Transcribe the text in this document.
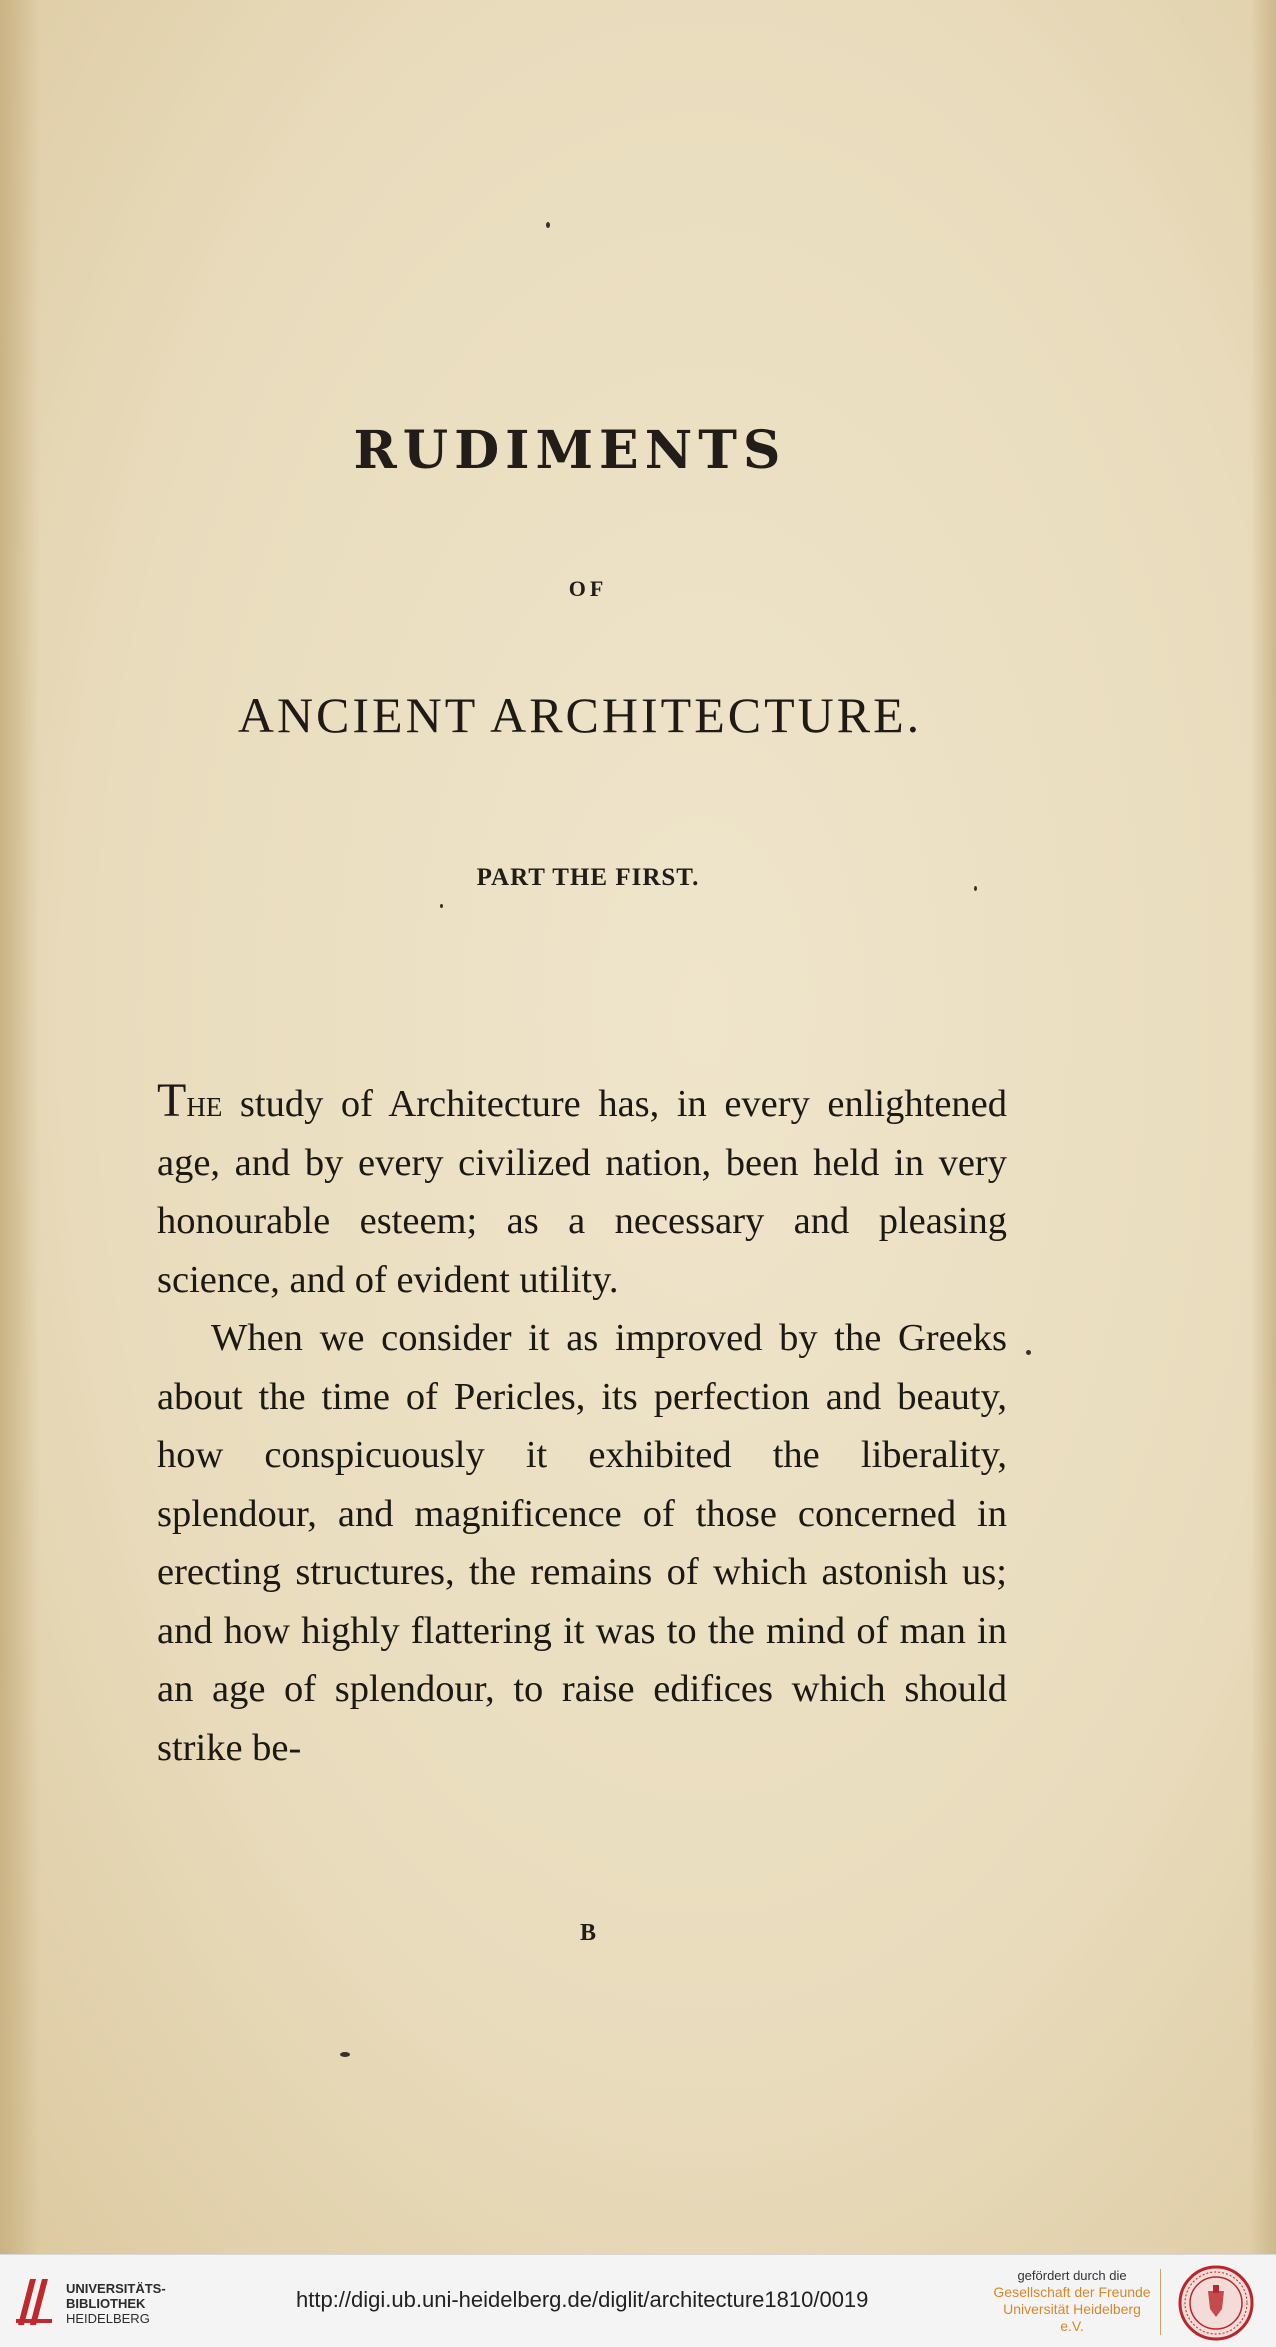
RUDIMENTS
OF
ANCIENT ARCHITECTURE.
PART THE FIRST.

The study of Architecture has, in every enlightened age, and by every civilized nation, been held in very honourable esteem; as a necessary and pleasing science, and of evident utility.

When we consider it as improved by the Greeks about the time of Pericles, its perfection and beauty, how conspicuously it exhibited the liberality, splendour, and magnificence of those concerned in erecting structures, the remains of which astonish us; and how highly flattering it was to the mind of man in an age of splendour, to raise edifices which should strike be-

B
UNIVERSITÄTS-
BIBLIOTHEK
HEIDELBERG
http://digi.ub.uni-heidelberg.de/diglit/architecture1810/0019
gefördert durch die
Gesellschaft der Freunde
Universität Heidelberg e.V.
